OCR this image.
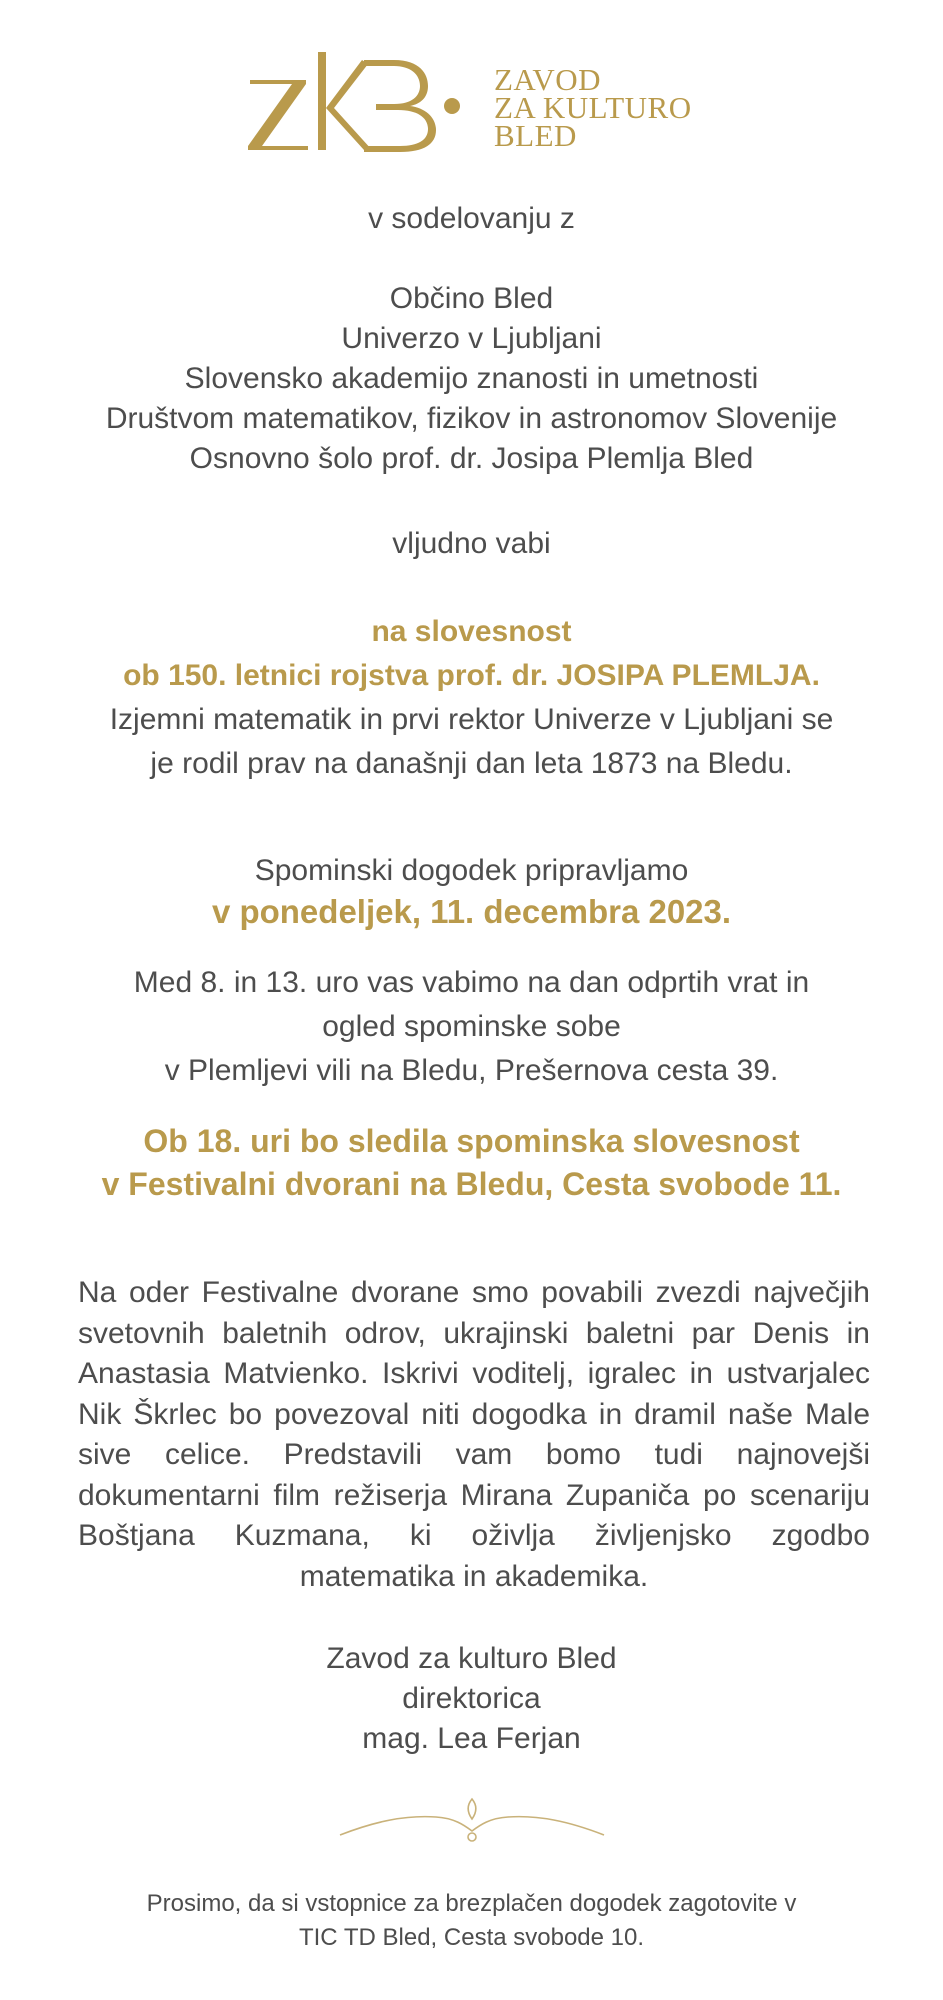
ZAVOD
ZA KULTURO
BLED
v sodelovanju z
Občino Bled
Univerzo v Ljubljani
Slovensko akademijo znanosti in umetnosti
Društvom matematikov, fizikov in astronomov Slovenije
Osnovno šolo prof. dr. Josipa Plemlja Bled
vljudno vabi
na slovesnost
ob 150. letnici rojstva prof. dr. JOSIPA PLEMLJA.
Izjemni matematik in prvi rektor Univerze v Ljubljani se
je rodil prav na današnji dan leta 1873 na Bledu.
Spominski dogodek pripravljamo
v ponedeljek, 11. decembra 2023.
Med 8. in 13. uro vas vabimo na dan odprtih vrat in
ogled spominske sobe
v Plemljevi vili na Bledu, Prešernova cesta 39.
Ob 18. uri bo sledila spominska slovesnost
v Festivalni dvorani na Bledu, Cesta svobode 11.
Na oder Festivalne dvorane smo povabili zvezdi največjih svetovnih baletnih odrov, ukrajinski baletni par Denis in Anastasia Matvienko. Iskrivi voditelj, igralec in ustvarjalec Nik Škrlec bo povezoval niti dogodka in dramil naše Male sive celice. Predstavili vam bomo tudi najnovejši dokumentarni film režiserja Mirana Zupaniča po scenariju Boštjana Kuzmana, ki oživlja življenjsko zgodbo matematika in akademika.
Zavod za kulturo Bled
direktorica
mag. Lea Ferjan
Prosimo, da si vstopnice za brezplačen dogodek zagotovite v
TIC TD Bled, Cesta svobode 10.
